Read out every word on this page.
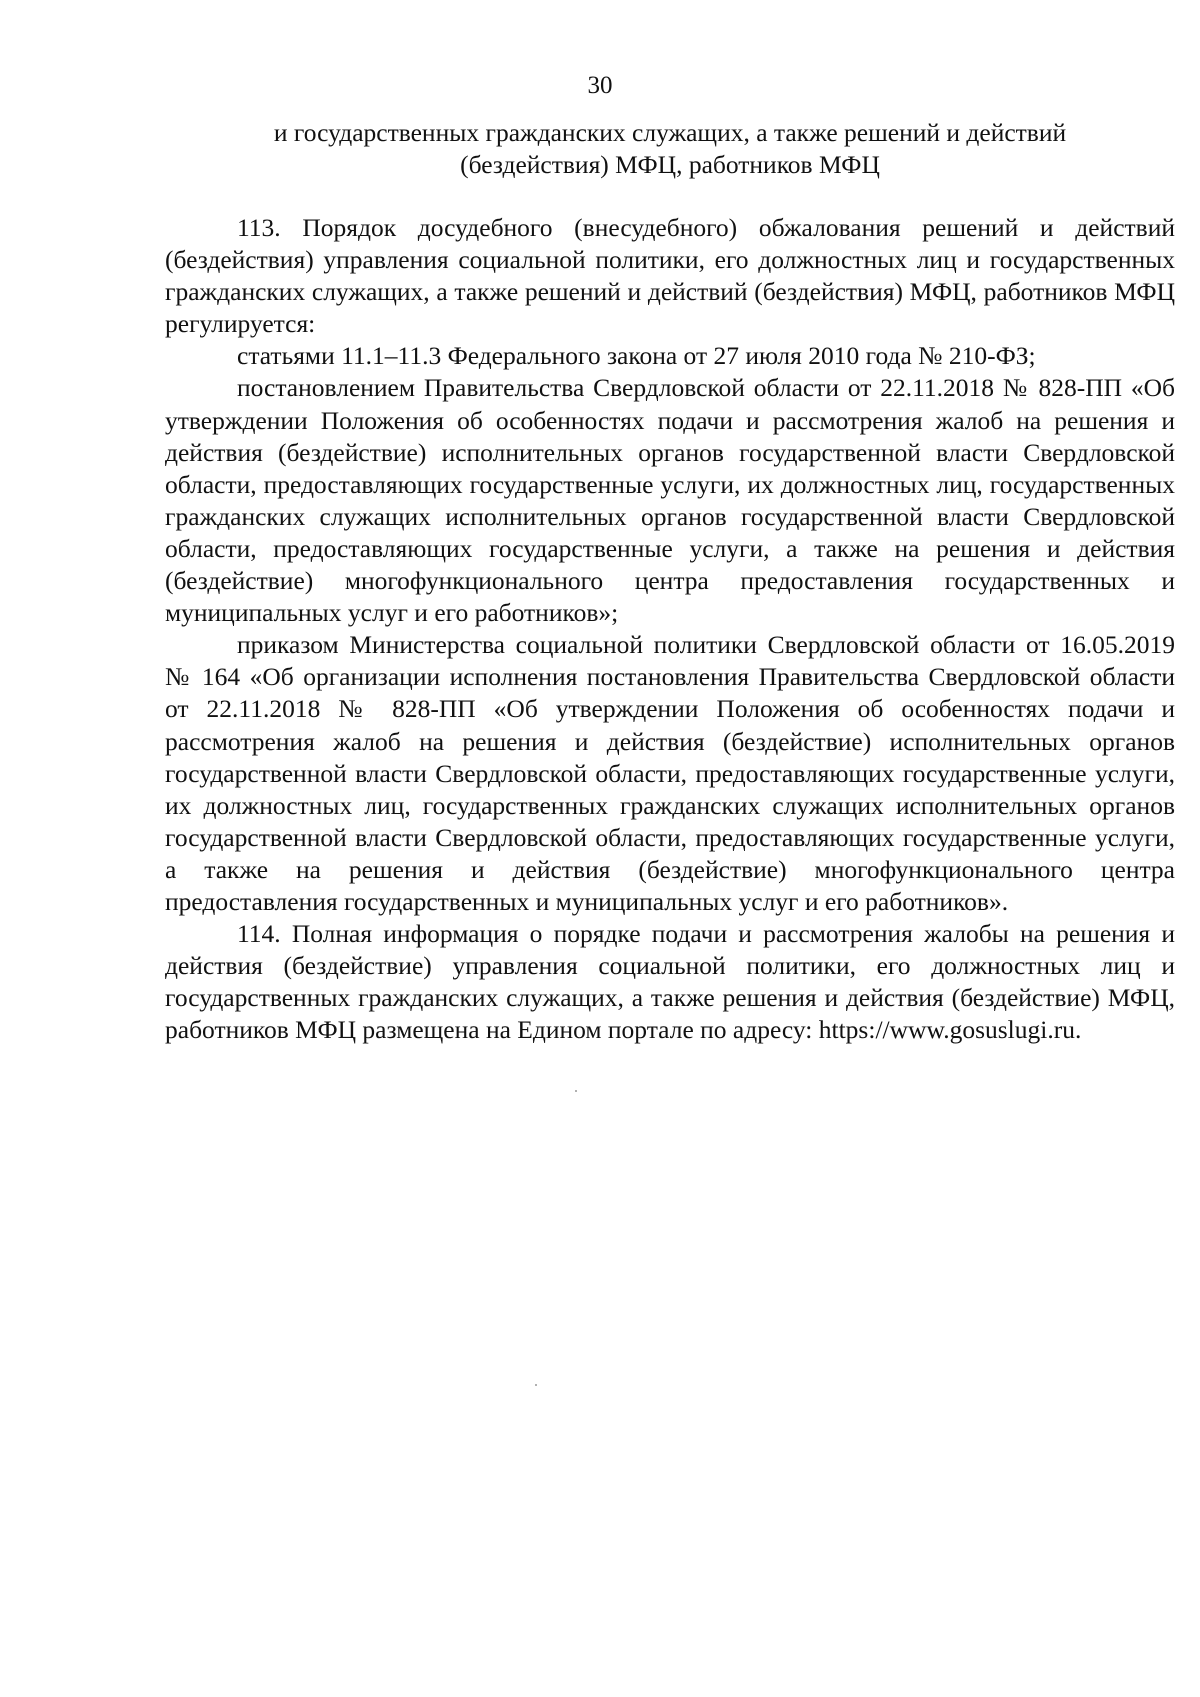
30
и государственных гражданских служащих, а также решений и действий
(бездействия) МФЦ, работников МФЦ

113. Порядок досудебного (внесудебного) обжалования решений и действий (бездействия) управления социальной политики, его должностных лиц и государственных гражданских служащих, а также решений и действий (бездействия) МФЦ, работников МФЦ регулируется:

статьями 11.1–11.3 Федерального закона от 27 июля 2010 года № 210-ФЗ;

постановлением Правительства Свердловской области от 22.11.2018 № 828-ПП «Об утверждении Положения об особенностях подачи и рассмотрения жалоб на решения и действия (бездействие) исполнительных органов государственной власти Свердловской области, предоставляющих государственные услуги, их должностных лиц, государственных гражданских служащих исполнительных органов государственной власти Свердловской области, предоставляющих государственные услуги, а также на решения и действия (бездействие) многофункционального центра предоставления государственных и муниципальных услуг и его работников»;

приказом Министерства социальной политики Свердловской области от 16.05.2019 № 164 «Об организации исполнения постановления Правительства Свердловской области от 22.11.2018 № 828-ПП «Об утверждении Положения об особенностях подачи и рассмотрения жалоб на решения и действия (бездействие) исполнительных органов государственной власти Свердловской области, предоставляющих государственные услуги, их должностных лиц, государственных гражданских служащих исполнительных органов государственной власти Свердловской области, предоставляющих государственные услуги, а также на решения и действия (бездействие) многофункционального центра предоставления государственных и муниципальных услуг и его работников».

114. Полная информация о порядке подачи и рассмотрения жалобы на решения и действия (бездействие) управления социальной политики, его должностных лиц и государственных гражданских служащих, а также решения и действия (бездействие) МФЦ, работников МФЦ размещена на Едином портале по адресу: https://www.gosuslugi.ru.
